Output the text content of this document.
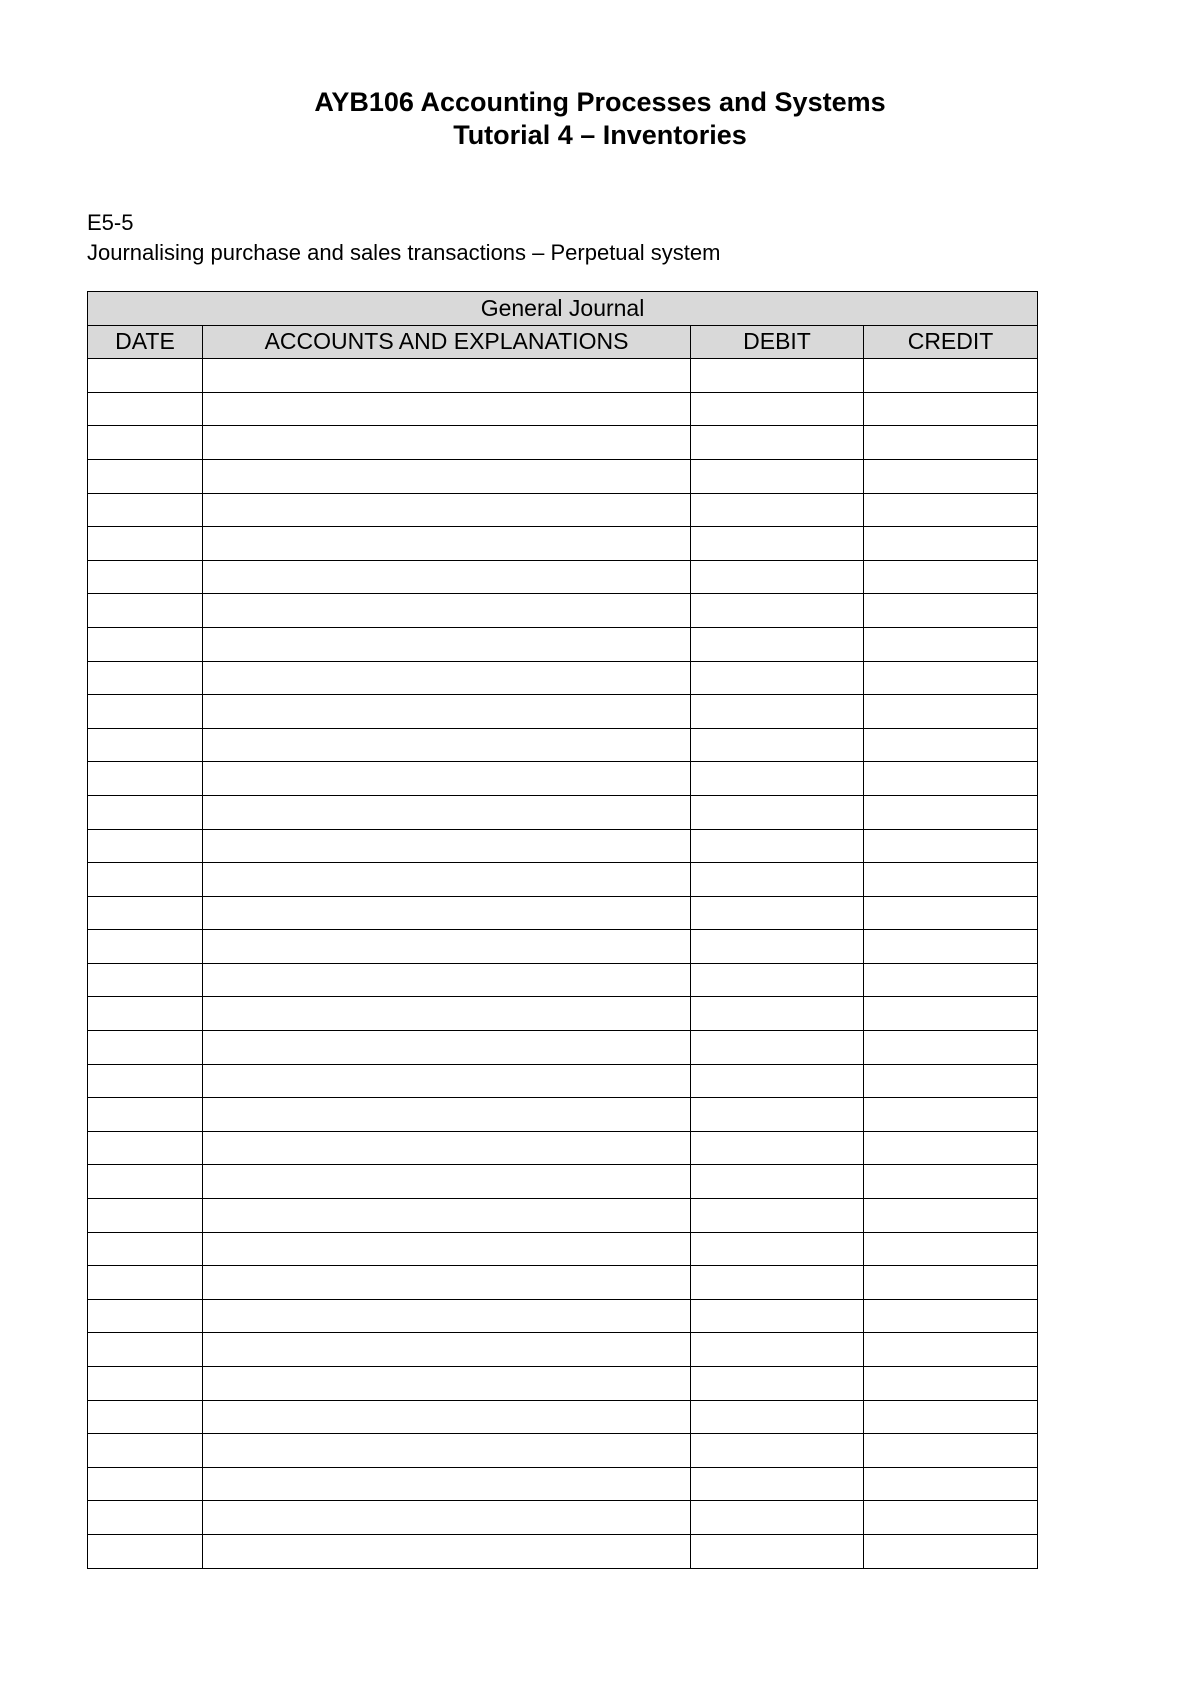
AYB106 Accounting Processes and Systems
Tutorial 4 – Inventories
E5-5
Journalising purchase and sales transactions – Perpetual system
General Journal			
DATE	ACCOUNTS AND EXPLANATIONS	DEBIT	CREDIT
